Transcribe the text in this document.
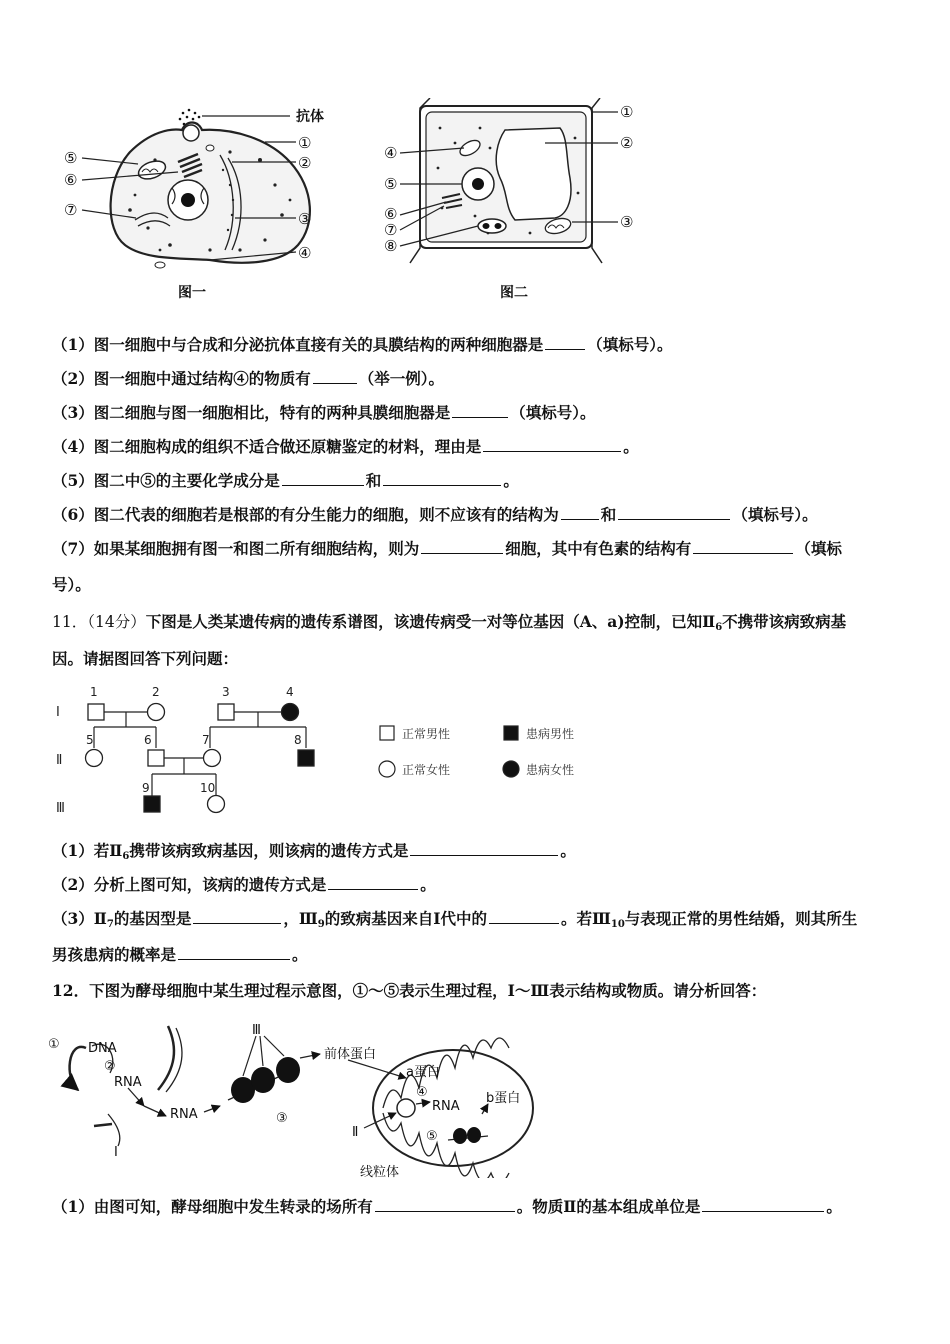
抗体
①
②
③
④
⑤
⑥
⑦
图一
①
②
③
④
⑤
⑥
⑦
⑧
图二
（1）图一细胞中与合成和分泌抗体直接有关的具膜结构的两种细胞器是	（填标号）。
（2）图一细胞中通过结构④的物质有	（举一例）。
（3）图二细胞与图一细胞相比，特有的两种具膜细胞器是	（填标号）。
（4）图二细胞构成的组织不适合做还原糖鉴定的材料，理由是	。
（5）图二中⑤的主要化学成分是	和	。
（6）图二代表的细胞若是根部的有分生能力的细胞，则不应该有的结构为	和	（填标号）。
（7）如果某细胞拥有图一和图二所有细胞结构，则为	细胞，其中有色素的结构有	（填标
号）。
11．（14分）下图是人类某遗传病的遗传系谱图，该遗传病受一对等位基因（A、a)控制，已知$Ⅱ_6$不携带该病致病基
因。请据图回答下列问题：
Ⅰ
Ⅱ
Ⅲ
1	2	3	4
5	6	7	8
9	10
正常男性	患病男性
正常女性	患病女性
（1）若$Ⅱ_6$携带该病致病基因，则该病的遗传方式是	。
（2）分析上图可知，该病的遗传方式是	。
$(3)Ⅱ_7$的基因型是	，$Ⅲ_9$的致病基因来自Ⅰ代中的	。若$Ⅲ_{10}$与表现正常的男性结婚，则其所生
男孩患病的概率是	。
12．下图为酵母细胞中某生理过程示意图，①～⑤表示生理过程，Ⅰ～Ⅲ表示结构或物质。请分析回答：
① DNA
②
RNA
RNA
Ⅰ
Ⅲ
③
前体蛋白
a蛋白
④
RNA
b蛋白
⑤
Ⅱ
线粒体
（1）由图可知，酵母细胞中发生转录的场所有	。物质Ⅱ的基本组成单位是	。
